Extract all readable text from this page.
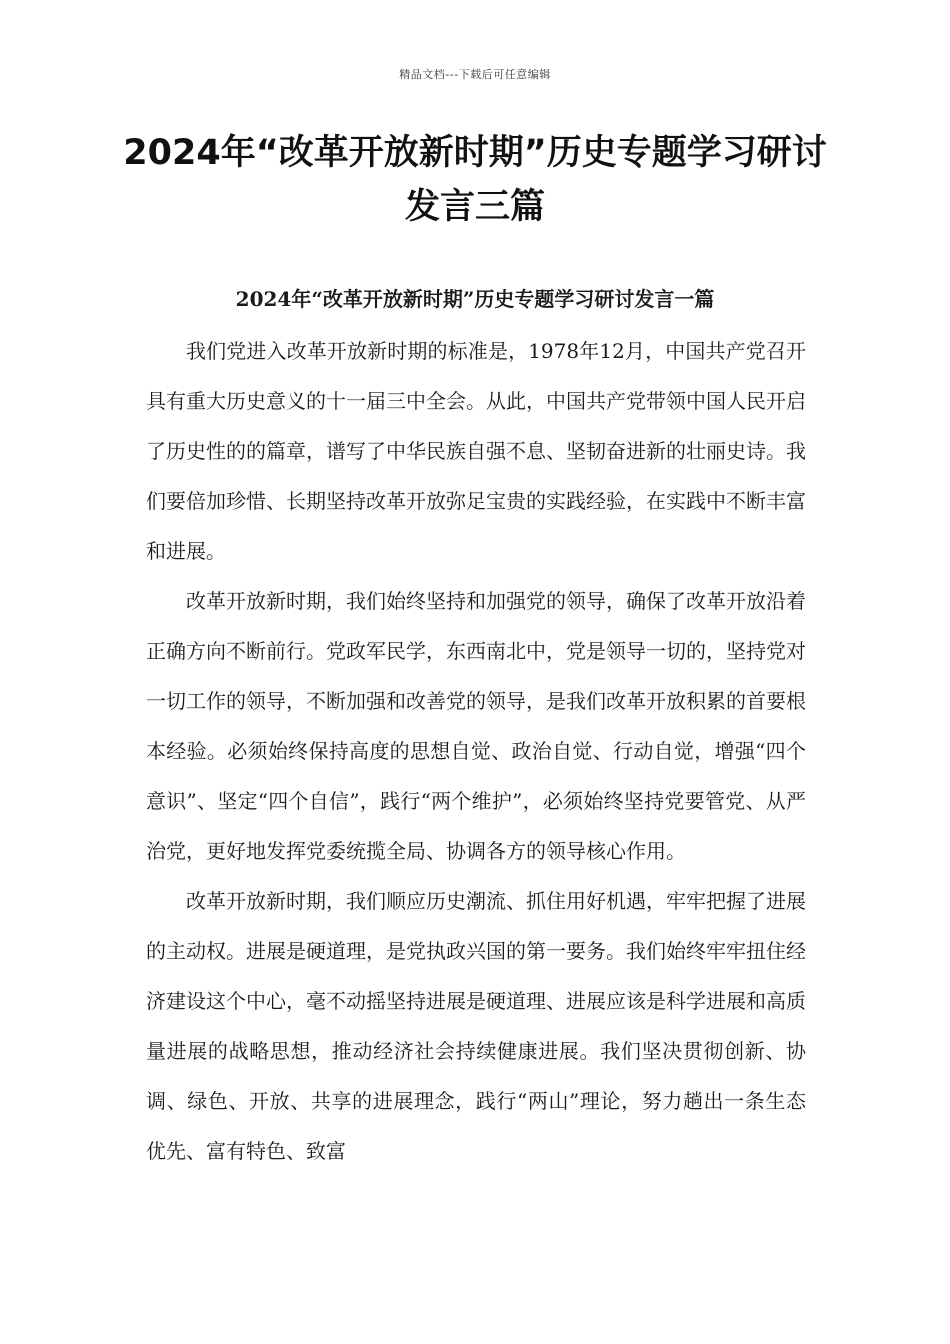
精品文档---下载后可任意编辑
2024年“改革开放新时期”历史专题学习研讨发言三篇
2024年“改革开放新时期”历史专题学习研讨发言一篇

我们党进入改革开放新时期的标准是，1978年12月，中国共产党召开具有重大历史意义的十一届三中全会。从此，中国共产党带领中国人民开启了历史性的的篇章，谱写了中华民族自强不息、坚韧奋进新的壮丽史诗。我们要倍加珍惜、长期坚持改革开放弥足宝贵的实践经验，在实践中不断丰富和进展。

改革开放新时期，我们始终坚持和加强党的领导，确保了改革开放沿着正确方向不断前行。党政军民学，东西南北中，党是领导一切的，坚持党对一切工作的领导，不断加强和改善党的领导，是我们改革开放积累的首要根本经验。必须始终保持高度的思想自觉、政治自觉、行动自觉，增强“四个意识”、坚定“四个自信”，践行“两个维护”，必须始终坚持党要管党、从严治党，更好地发挥党委统揽全局、协调各方的领导核心作用。

改革开放新时期，我们顺应历史潮流、抓住用好机遇，牢牢把握了进展的主动权。进展是硬道理，是党执政兴国的第一要务。我们始终牢牢扭住经济建设这个中心，毫不动摇坚持进展是硬道理、进展应该是科学进展和高质量进展的战略思想，推动经济社会持续健康进展。我们坚决贯彻创新、协调、绿色、开放、共享的进展理念，践行“两山”理论，努力趟出一条生态优先、富有特色、致富
